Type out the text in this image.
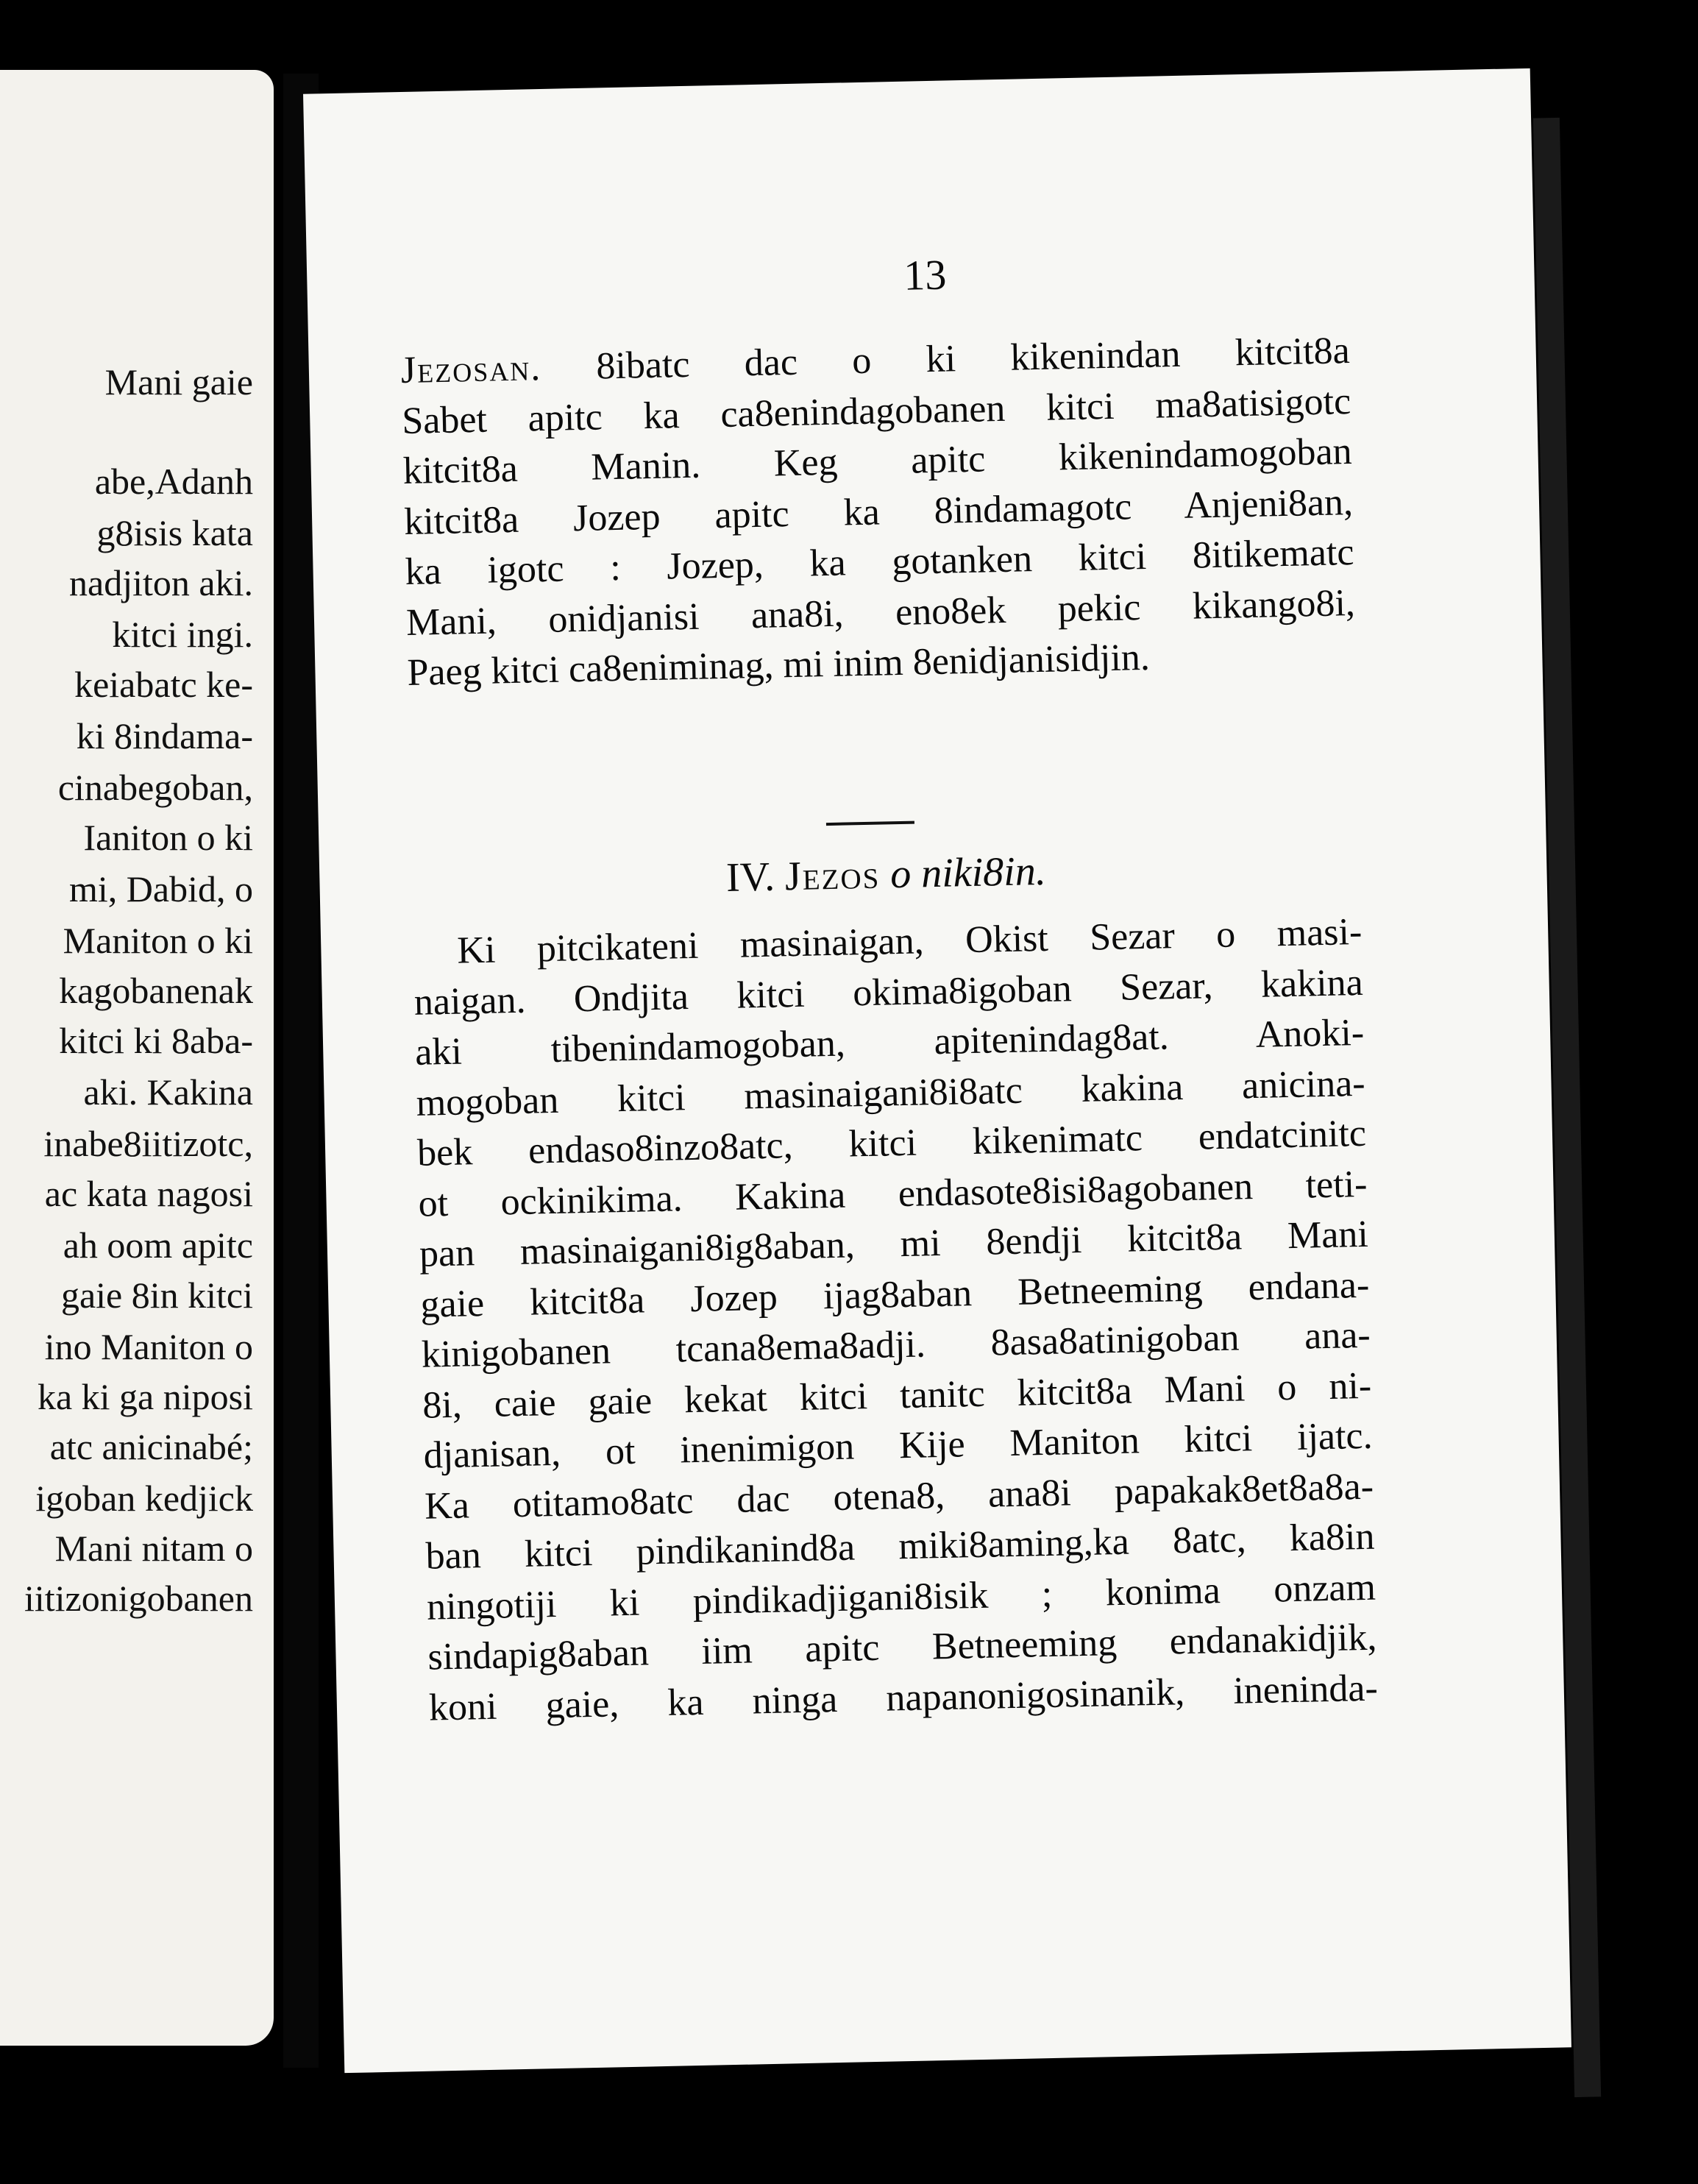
Mani gaie
abe,Adanh
g8isis kata
nadjiton aki.
kitci ingi.
keiabatc ke-
ki 8indama-
cinabegoban,
Ianiton o ki
mi, Dabid, o
Maniton o ki
kagobanenak
kitci ki 8aba-
aki. Kakina
inabe8iitizotc,
ac kata nagosi
ah oom apitc
gaie 8in kitci
ino Maniton o
ka ki ga niposi
atc anicinabé;
igoban kedjick
Mani nitam o
iitizonigobanen
13
Jezosan. 8ibatc dac o ki kikenindan kitcit8a
Sabet apitc ka ca8enindagobanen kitci ma8atisigotc
kitcit8a Manin. Keg apitc kikenindamogoban
kitcit8a Jozep apitc ka 8indamagotc Anjeni8an,
ka igotc : Jozep, ka gotanken kitci 8itikematc
Mani, onidjanisi ana8i, eno8ek pekic kikango8i,
Paeg kitci ca8eniminag, mi inim 8enidjanisidjin.
IV. Jezos o niki8in.
Ki pitcikateni masinaigan, Okist Sezar o masi-
naigan. Ondjita kitci okima8igoban Sezar, kakina
aki tibenindamogoban, apitenindag8at. Anoki-
mogoban kitci masinaigani8i8atc kakina anicina-
bek endaso8inzo8atc, kitci kikenimatc endatcinitc
ot ockinikima. Kakina endasote8isi8agobanen teti-
pan masinaigani8ig8aban, mi 8endji kitcit8a Mani
gaie kitcit8a Jozep ijag8aban Betneeming endana-
kinigobanen tcana8ema8adji. 8asa8atinigoban ana-
8i, caie gaie kekat kitci tanitc kitcit8a Mani o ni-
djanisan, ot inenimigon Kije Maniton kitci ijatc.
Ka otitamo8atc dac otena8, ana8i papakak8et8a8a-
ban kitci pindikanind8a miki8aming,ka 8atc, ka8in
ningotiji ki pindikadjigani8isik ; konima onzam
sindapig8aban iim apitc Betneeming endanakidjik,
koni gaie, ka ninga napanonigosinanik, ineninda-
